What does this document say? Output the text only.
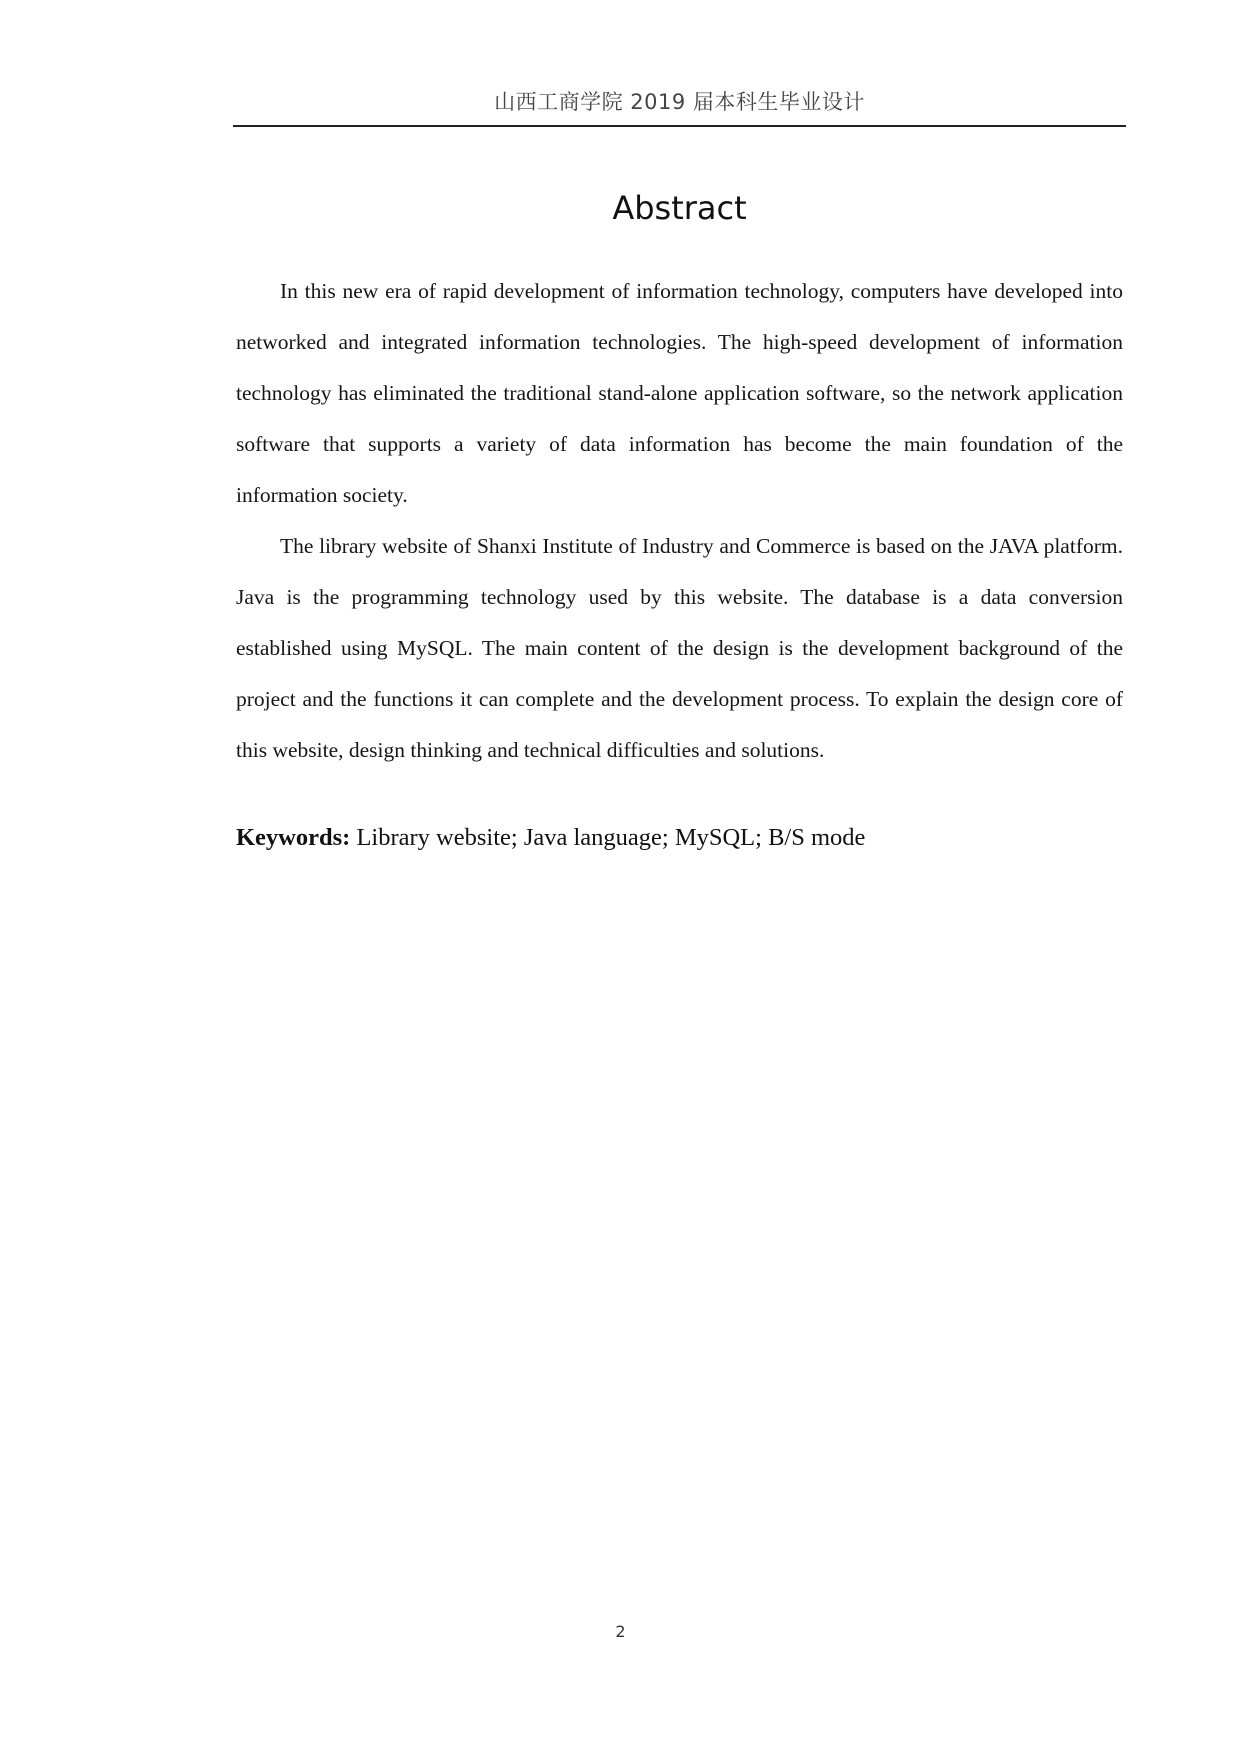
山西工商学院 2019 届本科生毕业设计
Abstract

In this new era of rapid development of information technology, computers have developed into networked and integrated information technologies. The high-speed development of information technology has eliminated the traditional stand-alone application software, so the network application software that supports a variety of data information has become the main foundation of the information society.

The library website of Shanxi Institute of Industry and Commerce is based on the JAVA platform. Java is the programming technology used by this website. The database is a data conversion established using MySQL. The main content of the design is the development background of the project and the functions it can complete and the development process. To explain the design core of this website, design thinking and technical difficulties and solutions.

Keywords: Library website; Java language; MySQL; B/S mode

2
